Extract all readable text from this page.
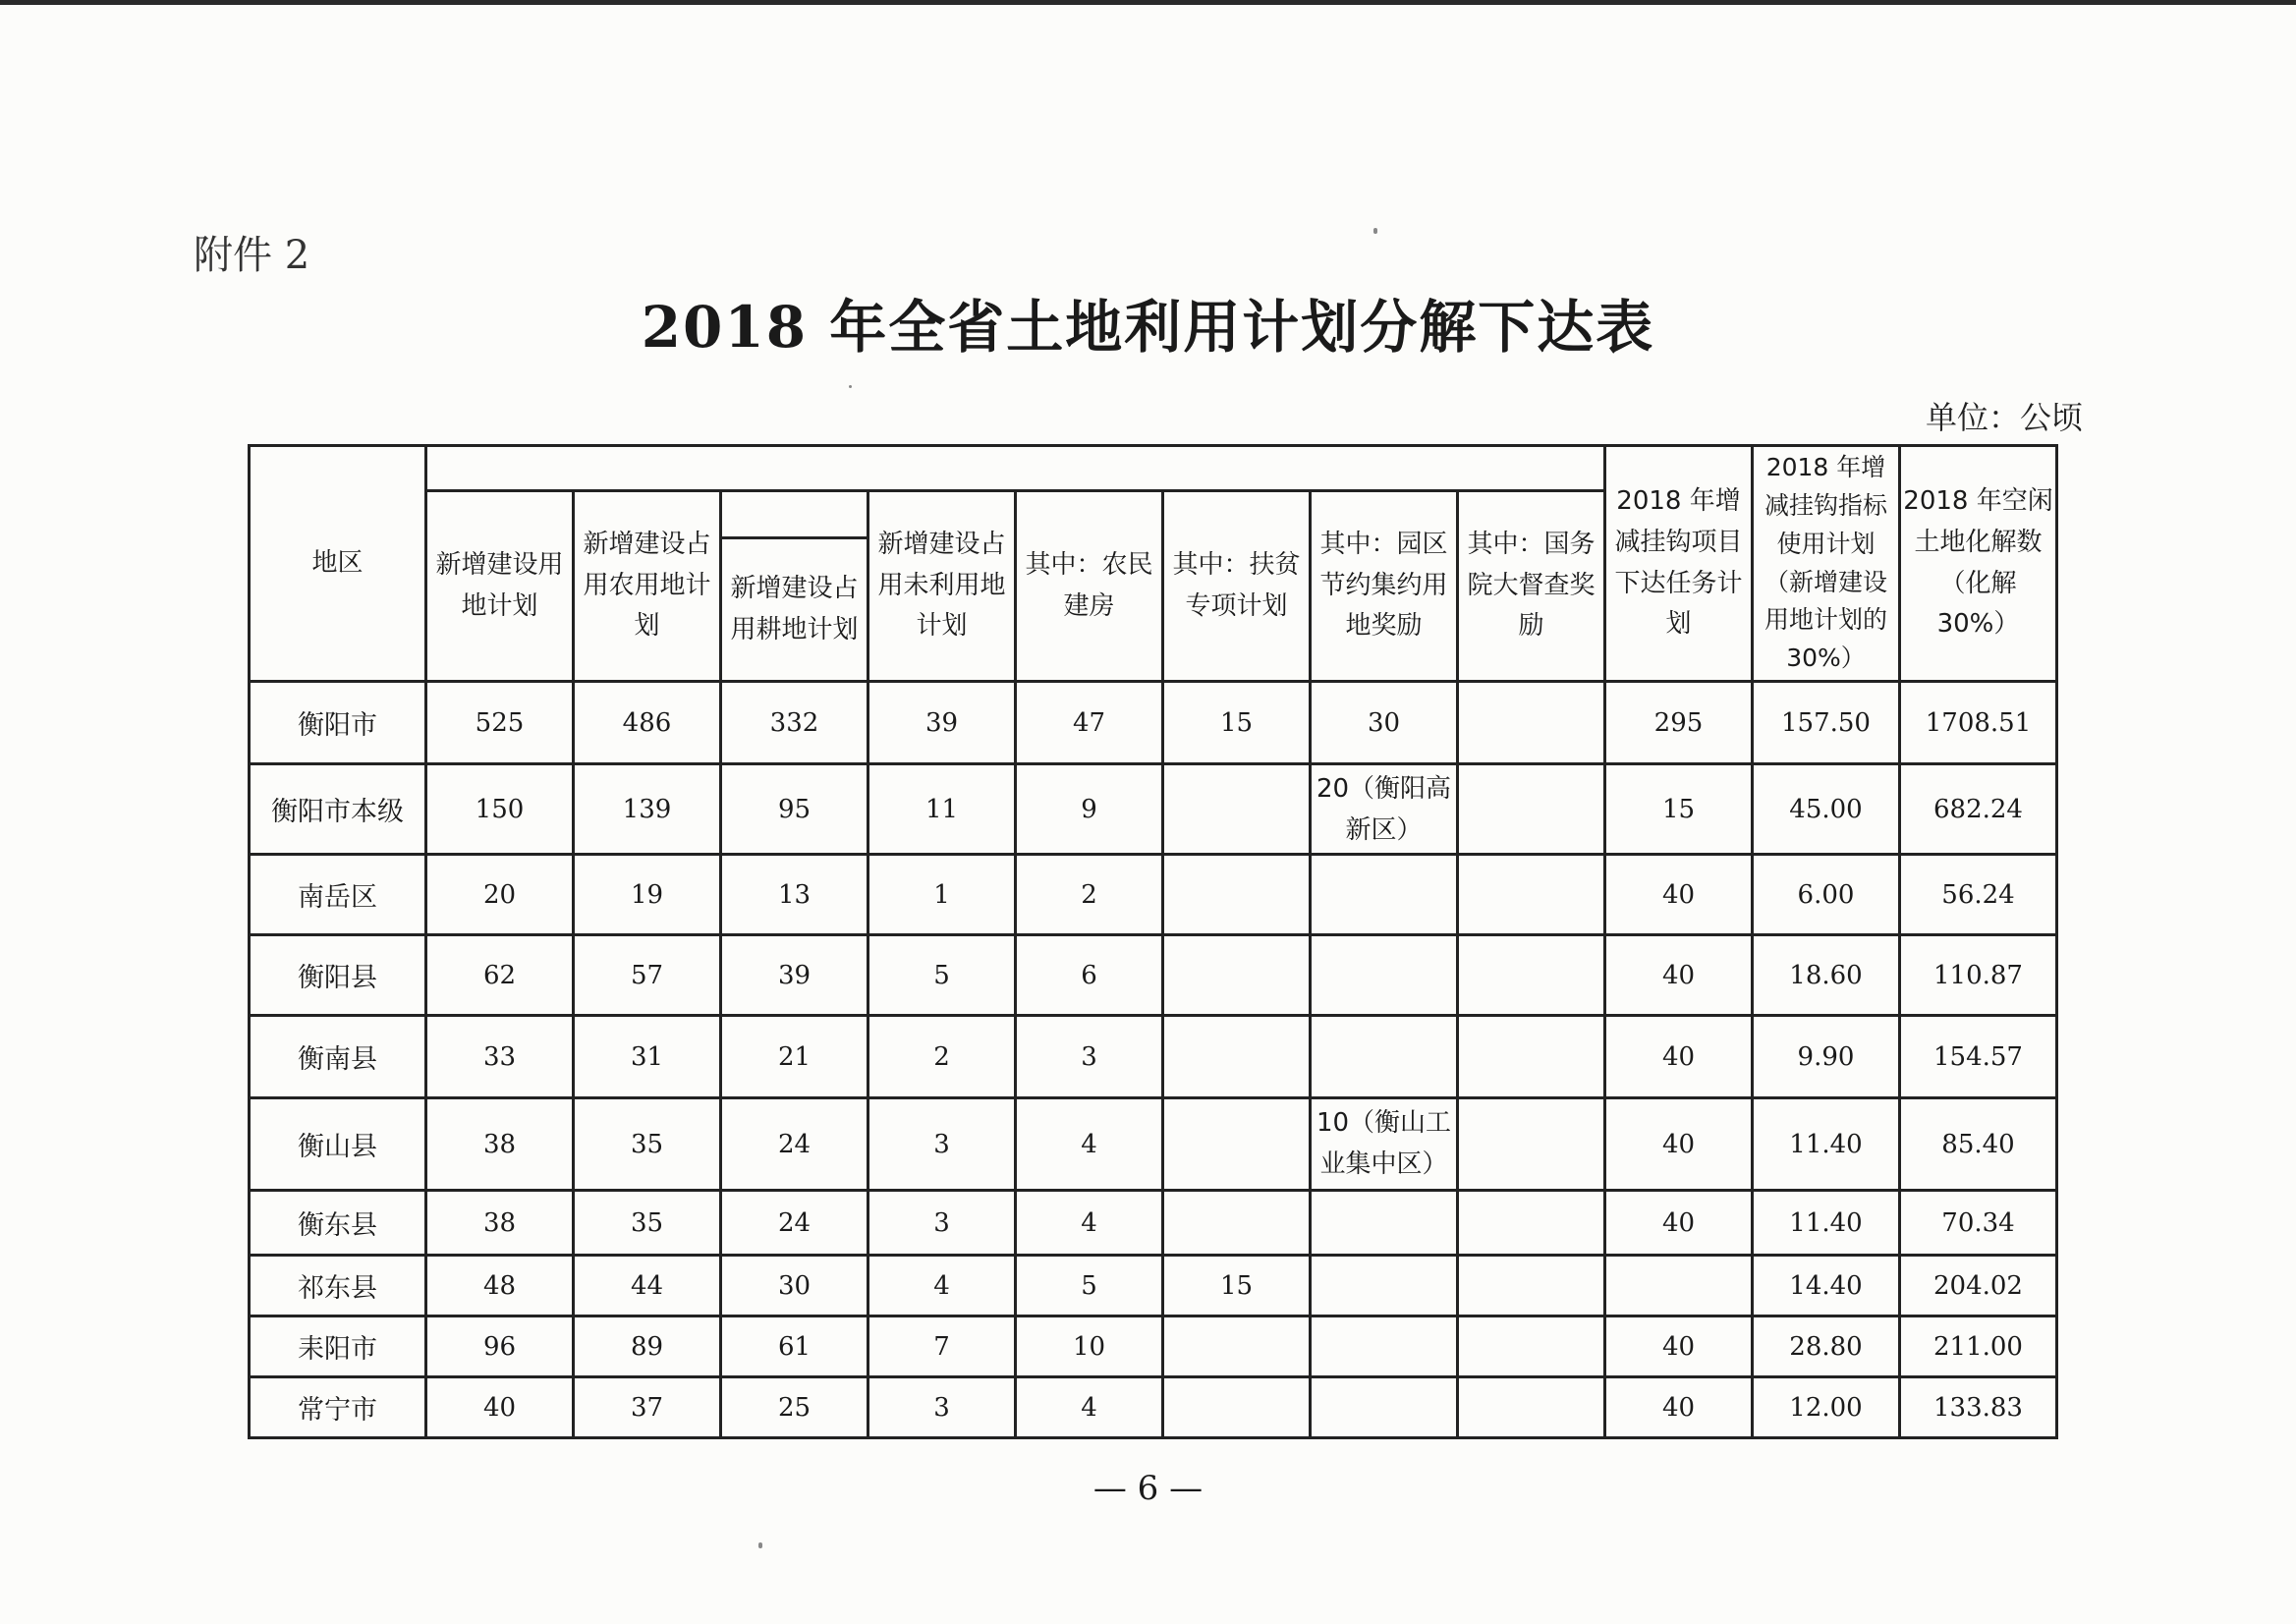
附件 2
2018 年全省土地利用计划分解下达表
单位：公顷
地区									2018 年增减挂钩项目下达任务计划	2018 年增减挂钩指标使用计划（新增建设用地计划的 30%）	2018 年空闲土地化解数（化解 30%）
	新增建设用地计划	新增建设占用农用地计划		新增建设占用未利用地计划	其中：农民建房	其中：扶贫专项计划	其中：园区节约集约用地奖励	其中：国务院大督查奖励			
			新增建设占用耕地计划								
衡阳市	525	486	332	39	47	15	30		295	157.50	1708.51
衡阳市本级	150	139	95	11	9		20（衡阳高新区）		15	45.00	682.24
南岳区	20	19	13	1	2				40	6.00	56.24
衡阳县	62	57	39	5	6				40	18.60	110.87
衡南县	33	31	21	2	3				40	9.90	154.57
衡山县	38	35	24	3	4		10（衡山工业集中区）		40	11.40	85.40
衡东县	38	35	24	3	4				40	11.40	70.34
祁东县	48	44	30	4	5	15				14.40	204.02
耒阳市	96	89	61	7	10				40	28.80	211.00
常宁市	40	37	25	3	4				40	12.00	133.83
— 6 —
